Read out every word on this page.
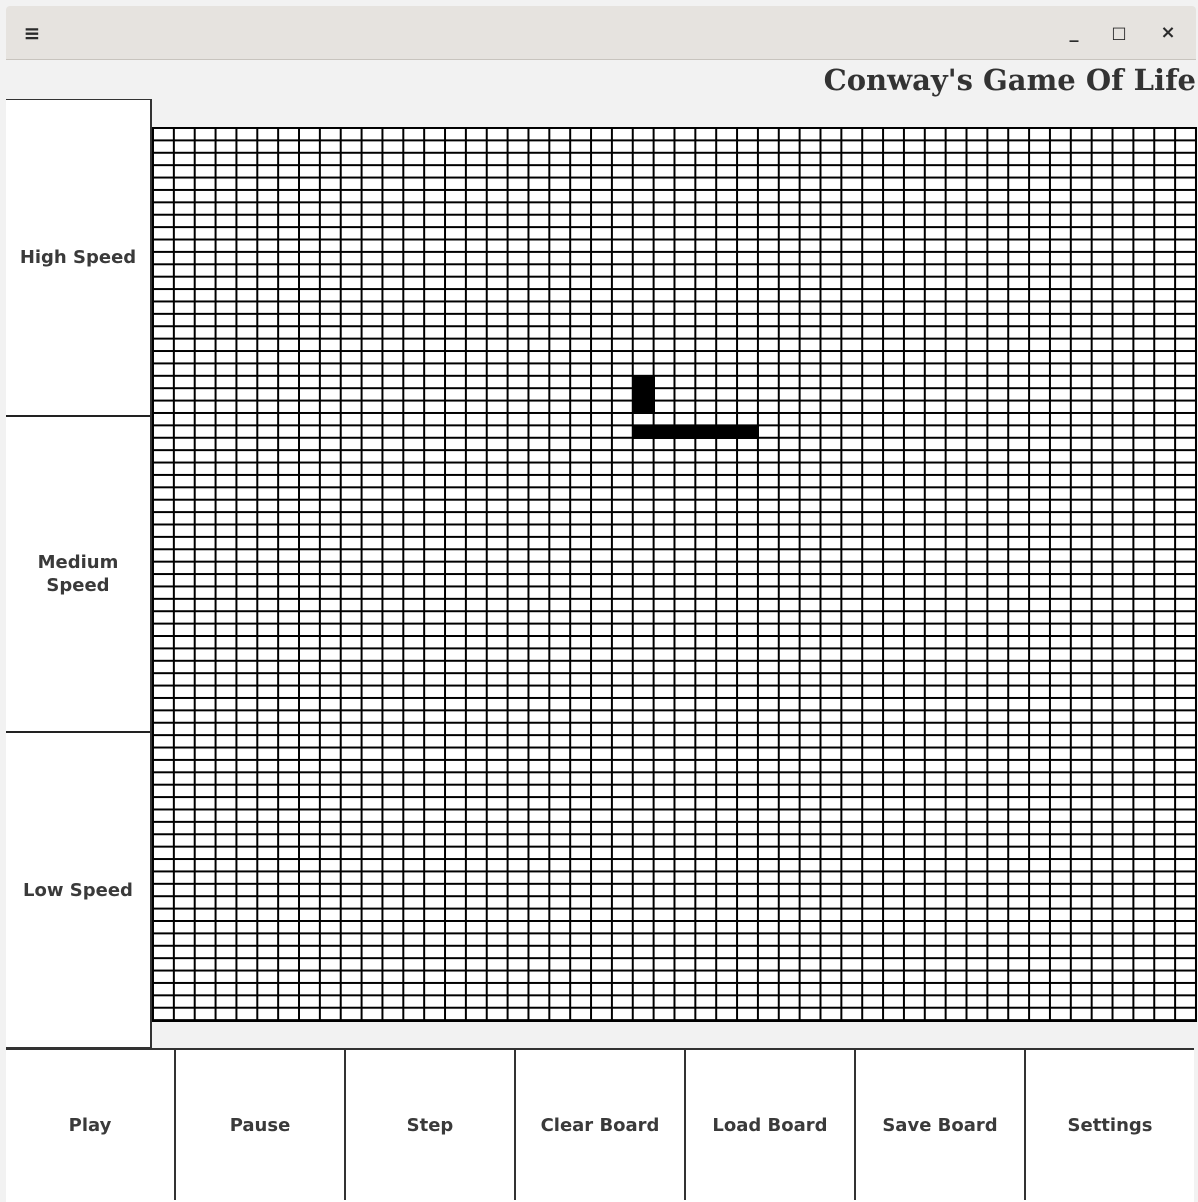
≡	_	□	×
Conway's Game Of Life
High Speed
Medium Speed
Low Speed
Play	Pause	Step	Clear Board	Load Board	Save Board	Settings
